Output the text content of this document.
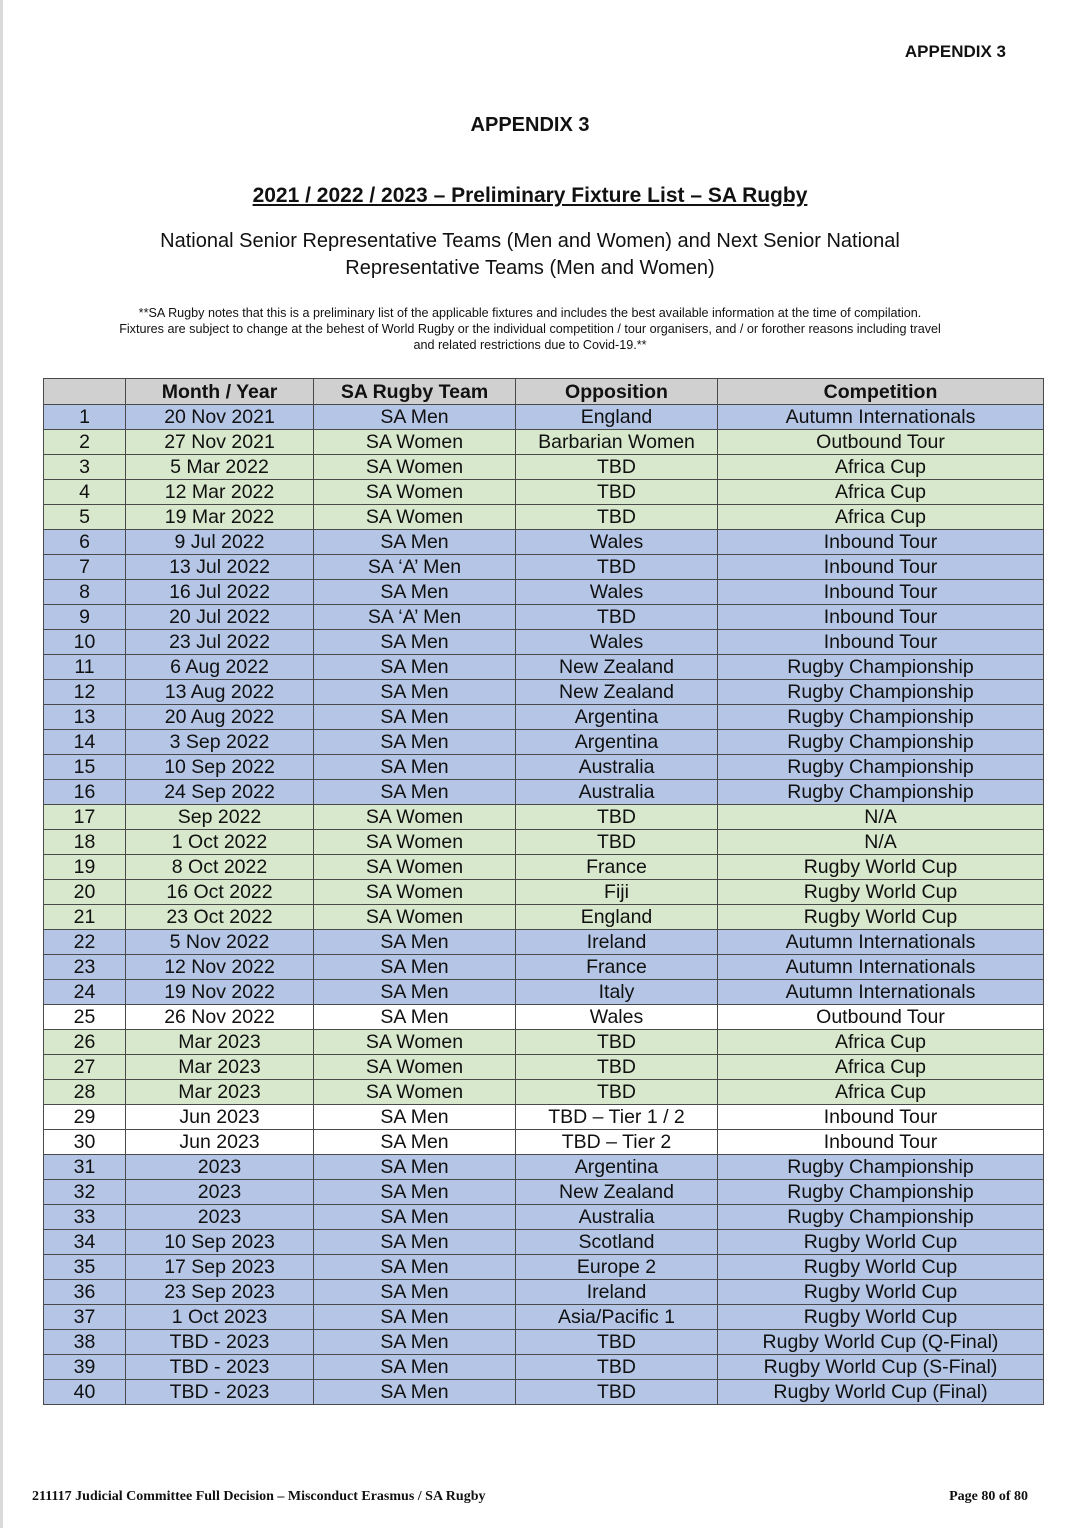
APPENDIX 3
APPENDIX 3
2021 / 2022 / 2023 – Preliminary Fixture List – SA Rugby
National Senior Representative Teams (Men and Women) and Next Senior National
Representative Teams (Men and Women)
**SA Rugby notes that this is a preliminary list of the applicable fixtures and includes the best available information at the time of compilation.
Fixtures are subject to change at the behest of World Rugby or the individual competition / tour organisers, and / or forother reasons including travel
and related restrictions due to Covid-19.**
	Month / Year	SA Rugby Team	Opposition	Competition
1	20 Nov 2021	SA Men	England	Autumn Internationals
2	27 Nov 2021	SA Women	Barbarian Women	Outbound Tour
3	5 Mar 2022	SA Women	TBD	Africa Cup
4	12 Mar 2022	SA Women	TBD	Africa Cup
5	19 Mar 2022	SA Women	TBD	Africa Cup
6	9 Jul 2022	SA Men	Wales	Inbound Tour
7	13 Jul 2022	SA ‘A’ Men	TBD	Inbound Tour
8	16 Jul 2022	SA Men	Wales	Inbound Tour
9	20 Jul 2022	SA ‘A’ Men	TBD	Inbound Tour
10	23 Jul 2022	SA Men	Wales	Inbound Tour
11	6 Aug 2022	SA Men	New Zealand	Rugby Championship
12	13 Aug 2022	SA Men	New Zealand	Rugby Championship
13	20 Aug 2022	SA Men	Argentina	Rugby Championship
14	3 Sep 2022	SA Men	Argentina	Rugby Championship
15	10 Sep 2022	SA Men	Australia	Rugby Championship
16	24 Sep 2022	SA Men	Australia	Rugby Championship
17	Sep 2022	SA Women	TBD	N/A
18	1 Oct 2022	SA Women	TBD	N/A
19	8 Oct 2022	SA Women	France	Rugby World Cup
20	16 Oct 2022	SA Women	Fiji	Rugby World Cup
21	23 Oct 2022	SA Women	England	Rugby World Cup
22	5 Nov 2022	SA Men	Ireland	Autumn Internationals
23	12 Nov 2022	SA Men	France	Autumn Internationals
24	19 Nov 2022	SA Men	Italy	Autumn Internationals
25	26 Nov 2022	SA Men	Wales	Outbound Tour
26	Mar 2023	SA Women	TBD	Africa Cup
27	Mar 2023	SA Women	TBD	Africa Cup
28	Mar 2023	SA Women	TBD	Africa Cup
29	Jun 2023	SA Men	TBD – Tier 1 / 2	Inbound Tour
30	Jun 2023	SA Men	TBD – Tier 2	Inbound Tour
31	2023	SA Men	Argentina	Rugby Championship
32	2023	SA Men	New Zealand	Rugby Championship
33	2023	SA Men	Australia	Rugby Championship
34	10 Sep 2023	SA Men	Scotland	Rugby World Cup
35	17 Sep 2023	SA Men	Europe 2	Rugby World Cup
36	23 Sep 2023	SA Men	Ireland	Rugby World Cup
37	1 Oct 2023	SA Men	Asia/Pacific 1	Rugby World Cup
38	TBD - 2023	SA Men	TBD	Rugby World Cup (Q-Final)
39	TBD - 2023	SA Men	TBD	Rugby World Cup (S-Final)
40	TBD - 2023	SA Men	TBD	Rugby World Cup (Final)
211117 Judicial Committee Full Decision – Misconduct Erasmus / SA Rugby	Page 80 of 80
